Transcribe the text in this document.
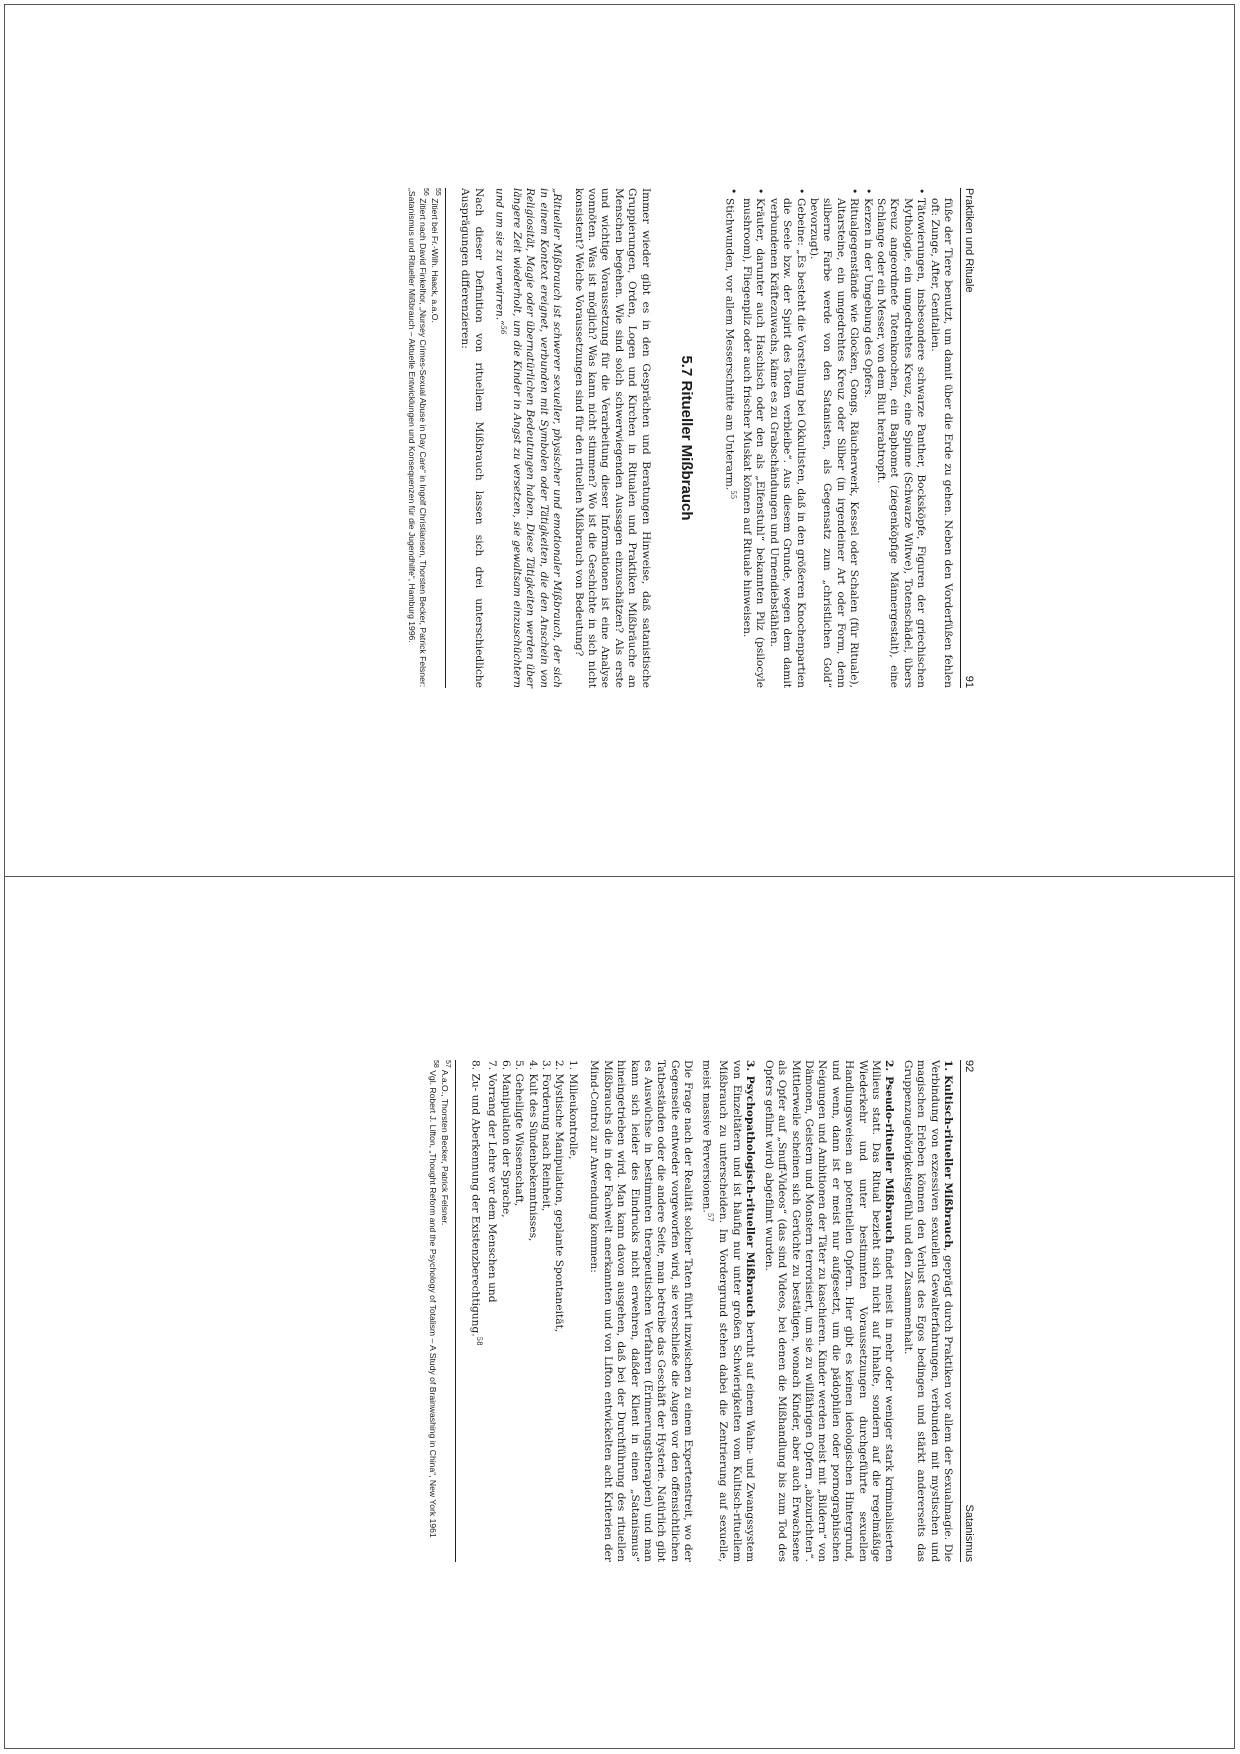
Praktiken und Rituale
91
füße der Tiere benutzt, um damit über die Erde zu gehen. Neben den Vorderfüßen fehlen oft: Zunge, After, Genitalien.
•
Tätowierungen, insbesondere schwarze Panther, Bocksköpfe, Figuren der griechischen Mythologie, ein umgedrehtes Kreuz, eine Spinne (Schwarze Witwe), Totenschädel, übers Kreuz angeordnete Totenknochen, ein Baphomet (ziegenköpfige Männergestalt), eine Schlange oder ein Messer, von dem Blut herabtropft.
•
Kerzen in der Umgebung des Opfers.
•
Ritualgegenstände wie Glocken, Gongs, Räucherwerk, Kessel oder Schalen (für Rituale), Altarsteine, ein umgedrehtes Kreuz oder Silber (in irgendeiner Art oder Form, denn silberne Farbe werde von den Satanisten, als Gegensatz zum „christlichen Gold“ bevorzugt).
•
Gebeine: „Es besteht die Vorstellung bei Okkultisten, daß in den größeren Knochenpartien die Seele bzw. der Spirit des Toten verbleibe“. Aus diesem Grunde, wegen dem damit verbundenen Kräftezuwachs, käme es zu Grabschändungen und Urnendiebstählen.
•
Kräuter, darunter auch Haschisch oder den als „Elfenstuhl“ bekannten Pilz (psilocyle mushroom), Fliegenpilz oder auch frischer Muskat können auf Rituale hinweisen.
•
Stichwunden, vor allem Messerschnitte am Unterarm.$^{55}$
5.7 Ritueller Mißbrauch

Immer wieder gibt es in den Gesprächen und Beratungen Hinweise, daß satanistische Gruppierungen, Orden, Logen und Kirchen in Ritualen und Praktiken Mißbräuche an Menschen begehen. Wie sind solch schwerwiegenden Aussagen einzuschätzen? Als erste und wichtige Voraussetzung für die Verarbeitung dieser Informationen ist eine Analyse vonnöten. Was ist möglich? Was kann nicht stimmen? Wo ist die Geschichte in sich nicht konsistent? Welche Voraussetzungen sind für den rituellen Mißbrauch von Bedeutung?

„Ritueller Mißbrauch ist schwerer sexueller, physischer und emotionaler Mißbrauch, der sich in einem Kontext ereignet, verbunden mit Symbolen oder Tätigkeiten, die den Anschein von Religiosität, Magie oder übernatürlichen Bedeutungen haben. Diese Tätigkeiten werden über längere Zeit wiederholt, um die Kinder in Angst zu versetzen, sie gewaltsam einzuschüchtern und um sie zu verwirren.“$^{56}$

Nach dieser Definition von rituellem Mißbrauch lassen sich drei unterschiedliche Ausprägungen differenzieren:

$^{55}$ Zitiert bei Fr.-Wilh. Haack, a.a.O.
$^{56}$ Zitiert nach David Finkelhor, „Nursey Crimes-Sexual Abuse in Day Care“ in Ingolf Christiansen, Thorsten Becker, Patrick Felsner: „Satanismus und Ritueller Mißbrauch – Aktuelle Entwicklungen und Konsequenzen für die Jugendhilfe“, Hamburg 1996.
92
Satanismus

1. Kultisch-ritueller Mißbrauch, geprägt durch Praktiken vor allem der Sexualmagie. Die Verbindung von exzessiven sexuellen Gewalterfahrungen, verbunden mit mystischen und magischen Erleben können den Verlust des Egos bedingen und stärkt andererseits das Gruppenzugehörigkeitsgefühl und den Zusammenhalt.

2. Pseudo-ritueller Mißbrauch findet meist in mehr oder weniger stark kriminalisierten Milieus statt. Das Ritual bezieht sich nicht auf Inhalte, sondern auf die regelmäßige Wiederkehr und unter bestimmten Voraussetzungen durchgeführte sexuellen Handlungsweisen an potentiellen Opfern. Hier gibt es keinen ideologischen Hintergrund, und wenn, dann ist er meist nur aufgesetzt, um die pädophilen oder pornographischen Neigungen und Ambitionen der Täter zu kaschieren. Kinder werden meist mit „Bildern“ von Dämonen, Geistern und Monstern terrorisiert, um sie zu willfährigen Opfern „abzurichten“. Mittlerweile scheinen sich Gerüchte zu bestätigen, wonach Kinder, aber auch Erwachsene als Opfer auf „Snuff-Videos“ (das sind Videos, bei denen die Mißhandlung bis zum Tod des Opfers gefilmt wird) abgefilmt wurden.

3. Psychopathologisch-ritueller Mißbrauch beruht auf einem Wahn- und Zwangssystem von Einzeltätern und ist häufig nur unter großen Schwierigkeiten vom Kultisch-rituellem Mißbrauch zu unterscheiden. Im Vordergrund stehen dabei die Zentrierung auf sexuelle, meist massive Perversionen.$^{57}$

Die Frage nach der Realität solcher Taten führt inzwischen zu einem Expertenstreit, wo der Gegenseite entweder vorgeworfen wird, sie verschließe die Augen vor den offensichtlichen Tatbeständen oder die andere Seite, man betreibe das Geschäft der Hysterie. Natürlich gibt es Auswüchse in bestimmten therapeutischen Verfahren (Erinnerungstherapien) und man kann sich leider des Eindrucks nicht erwehren, daßder Klient in einen „Satanismus“ hineingetrieben wird. Man kann davon ausgehen, daß bei der Durchführung des rituellen Mißbrauchs die in der Fachwelt anerkannten und von Lifton entwickelten acht Kriterien der Mind-Control zur Anwendung kommen:

1. Milieukontrolle,
2. Mystische Manipulation, geplante Spontaneität,
3. Forderung nach Reinheit,
4. Kult des Sündenbekenntnisses,
5. Geheiligte Wissenschaft,
6. Manipulation der Sprache,
7. Vorrang der Lehre vor dem Menschen und
8. Zu- und Aberkennung der Existenzberechtigung.$^{58}$
$^{57}$ A.a.O., Thorsten Becker, Patrick Felsner.
$^{58}$ Vgl. Robert J. Lifton, „Thought Reform and the Psychology of Totalism – A Study of Brainwashing in China“, New York 1961
